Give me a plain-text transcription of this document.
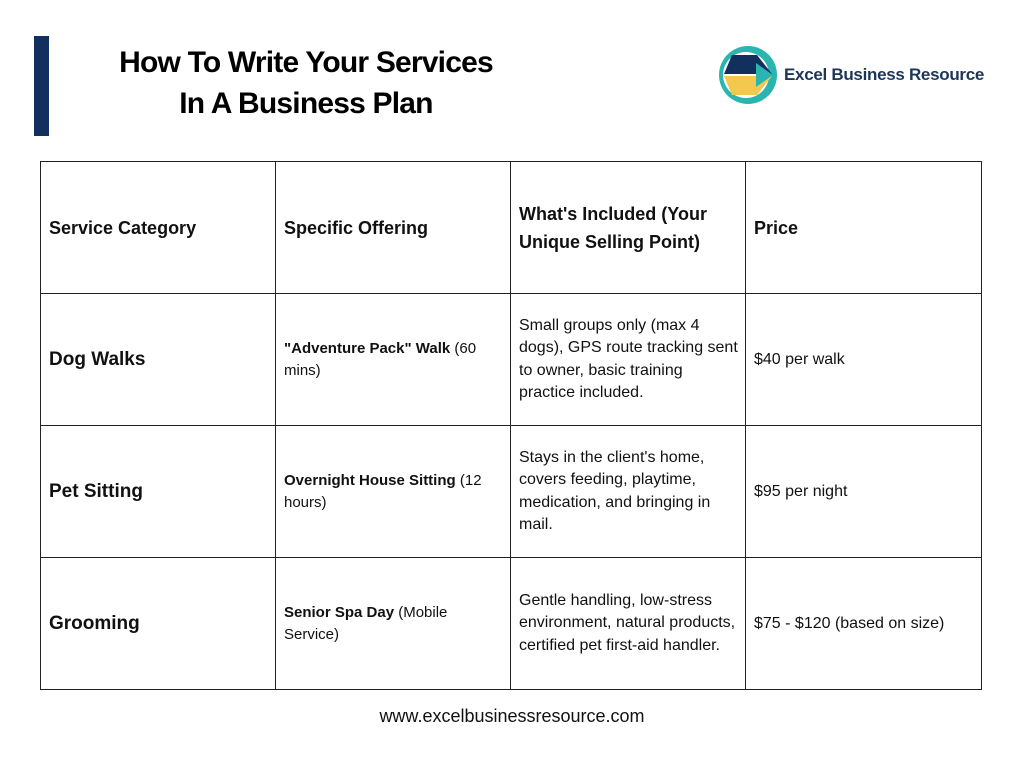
How To Write Your Services
In A Business Plan
Excel Business Resource
Service Category	Specific Offering	What's Included (Your Unique Selling Point)	Price
Dog Walks	"Adventure Pack" Walk (60 mins)	Small groups only (max 4 dogs), GPS route tracking sent to owner, basic training practice included.	$40 per walk
Pet Sitting	Overnight House Sitting (12 hours)	Stays in the client's home, covers feeding, playtime, medication, and bringing in mail.	$95 per night
Grooming	Senior Spa Day (Mobile Service)	Gentle handling, low-stress environment, natural products, certified pet first-aid handler.	$75 - $120 (based on size)
www.excelbusinessresource.com
